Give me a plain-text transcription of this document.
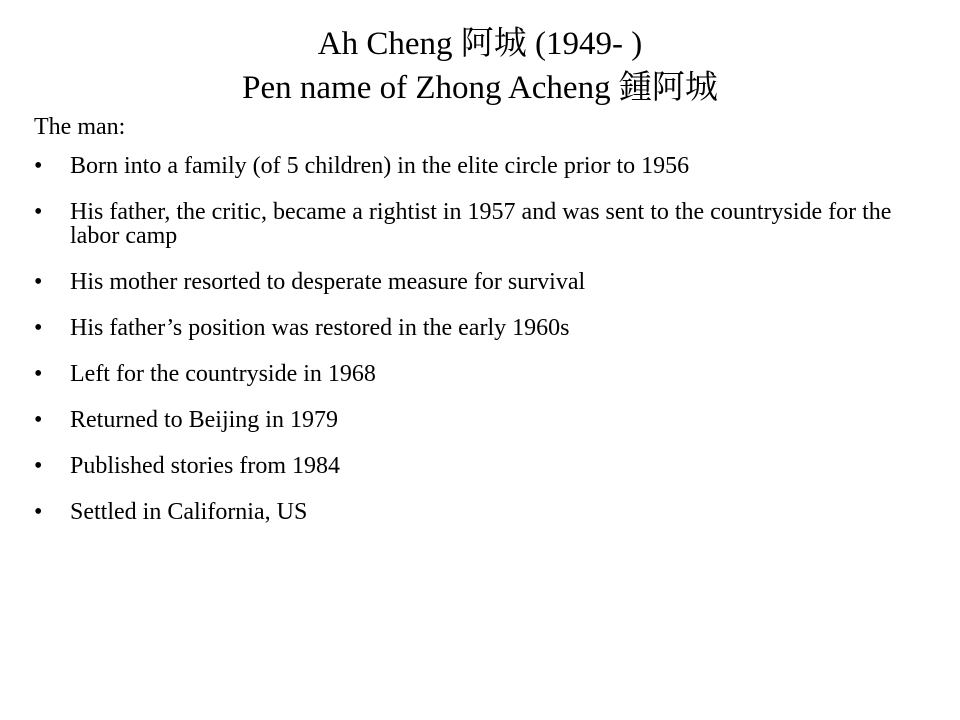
Ah Cheng 阿城 (1949- )
Pen name of Zhong Acheng 鍾阿城
The man:
• Born into a family (of 5 children) in the elite circle prior to 1956
• His father, the critic, became a rightist in 1957 and was sent to the countryside for the labor camp
• His mother resorted to desperate measure for survival
• His father’s position was restored in the early 1960s
• Left for the countryside in 1968
• Returned to Beijing in 1979
• Published stories from 1984
• Settled in California, US
